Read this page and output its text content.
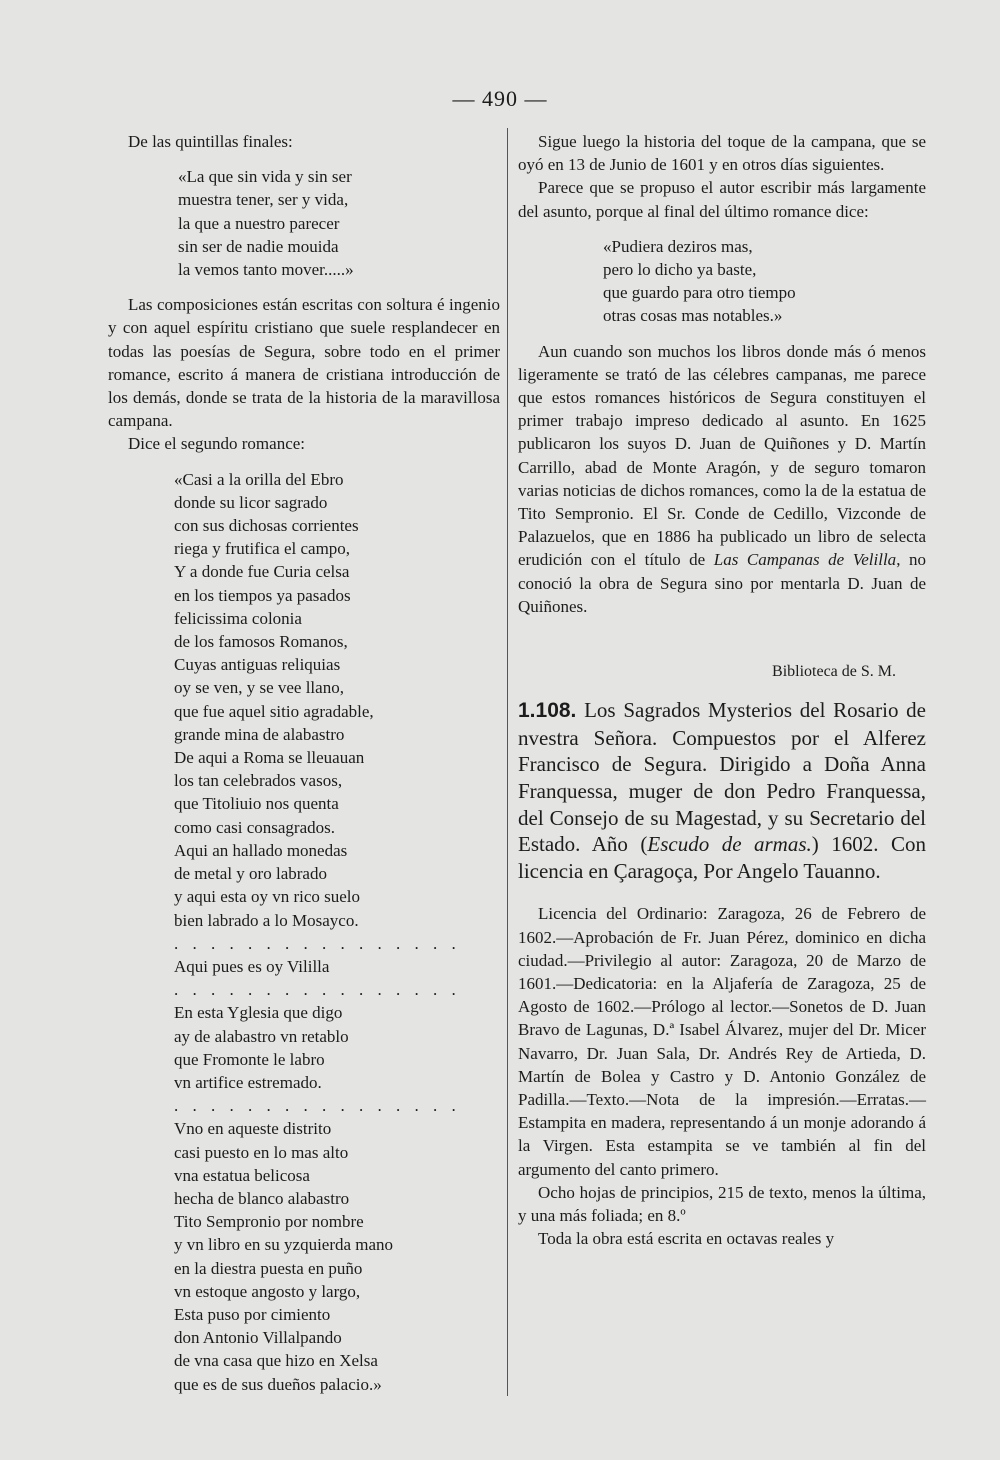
— 490 —

De las quintillas finales:

«La que sin vida y sin ser
muestra tener, ser y vida,
la que a nuestro parecer
sin ser de nadie mouida
la vemos tanto mover.....»

Las composiciones están escritas con soltura é ingenio y con aquel espíritu cristiano que suele resplandecer en todas las poesías de Segura, sobre todo en el primer romance, escrito á manera de cristiana introducción de los demás, donde se trata de la historia de la maravillosa campana.

Dice el segundo romance:

«Casi a la orilla del Ebro
donde su licor sagrado
con sus dichosas corrientes
riega y frutifica el campo,
Y a donde fue Curia celsa
en los tiempos ya pasados
felicissima colonia
de los famosos Romanos,
Cuyas antiguas reliquias
oy se ven, y se vee llano,
que fue aquel sitio agradable,
grande mina de alabastro
De aqui a Roma se lleuauan
los tan celebrados vasos,
que Titoliuio nos quenta
como casi consagrados.
Aqui an hallado monedas
de metal y oro labrado
y aqui esta oy vn rico suelo
bien labrado a lo Mosayco.
. . . . . . . . . . . . . . . .
Aqui pues es oy Vililla
. . . . . . . . . . . . . . . .
En esta Yglesia que digo
ay de alabastro vn retablo
que Fromonte le labro
vn artifice estremado.
. . . . . . . . . . . . . . . .
Vno en aqueste distrito
casi puesto en lo mas alto
vna estatua belicosa
hecha de blanco alabastro
Tito Sempronio por nombre
y vn libro en su yzquierda mano
en la diestra puesta en puño
vn estoque angosto y largo,
Esta puso por cimiento
don Antonio Villalpando
de vna casa que hizo en Xelsa
que es de sus dueños palacio.»

Sigue luego la historia del toque de la campana, que se oyó en 13 de Junio de 1601 y en otros días siguientes.

Parece que se propuso el autor escribir más largamente del asunto, porque al final del último romance dice:

«Pudiera deziros mas,
pero lo dicho ya baste,
que guardo para otro tiempo
otras cosas mas notables.»

Aun cuando son muchos los libros donde más ó menos ligeramente se trató de las célebres campanas, me parece que estos romances históricos de Segura constituyen el primer trabajo impreso dedicado al asunto. En 1625 publicaron los suyos D. Juan de Quiñones y D. Martín Carrillo, abad de Monte Aragón, y de seguro tomaron varias noticias de dichos romances, como la de la estatua de Tito Sempronio. El Sr. Conde de Cedillo, Vizconde de Palazuelos, que en 1886 ha publicado un libro de selecta erudición con el título de Las Campanas de Velilla, no conoció la obra de Segura sino por mentarla D. Juan de Quiñones.

Biblioteca de S. M.
1.108. Los Sagrados Mysterios del Rosario de nvestra Señora. Compuestos por el Alferez Francisco de Segura. Dirigido a Doña Anna Franquessa, muger de don Pedro Franquessa, del Consejo de su Magestad, y su Secretario del Estado. Año (Escudo de armas.) 1602. Con licencia en Çaragoça, Por Angelo Tauanno.

Licencia del Ordinario: Zaragoza, 26 de Febrero de 1602.—Aprobación de Fr. Juan Pérez, dominico en dicha ciudad.—Privilegio al autor: Zaragoza, 20 de Marzo de 1601.—Dedicatoria: en la Aljafería de Zaragoza, 25 de Agosto de 1602.—Prólogo al lector.—Sonetos de D. Juan Bravo de Lagunas, D.ª Isabel Álvarez, mujer del Dr. Micer Navarro, Dr. Juan Sala, Dr. Andrés Rey de Artieda, D. Martín de Bolea y Castro y D. Antonio González de Padilla.—Texto.—Nota de la impresión.—Erratas.—Estampita en madera, representando á un monje adorando á la Virgen. Esta estampita se ve también al fin del argumento del canto primero.

Ocho hojas de principios, 215 de texto, menos la última, y una más foliada; en 8.º

Toda la obra está escrita en octavas reales y
